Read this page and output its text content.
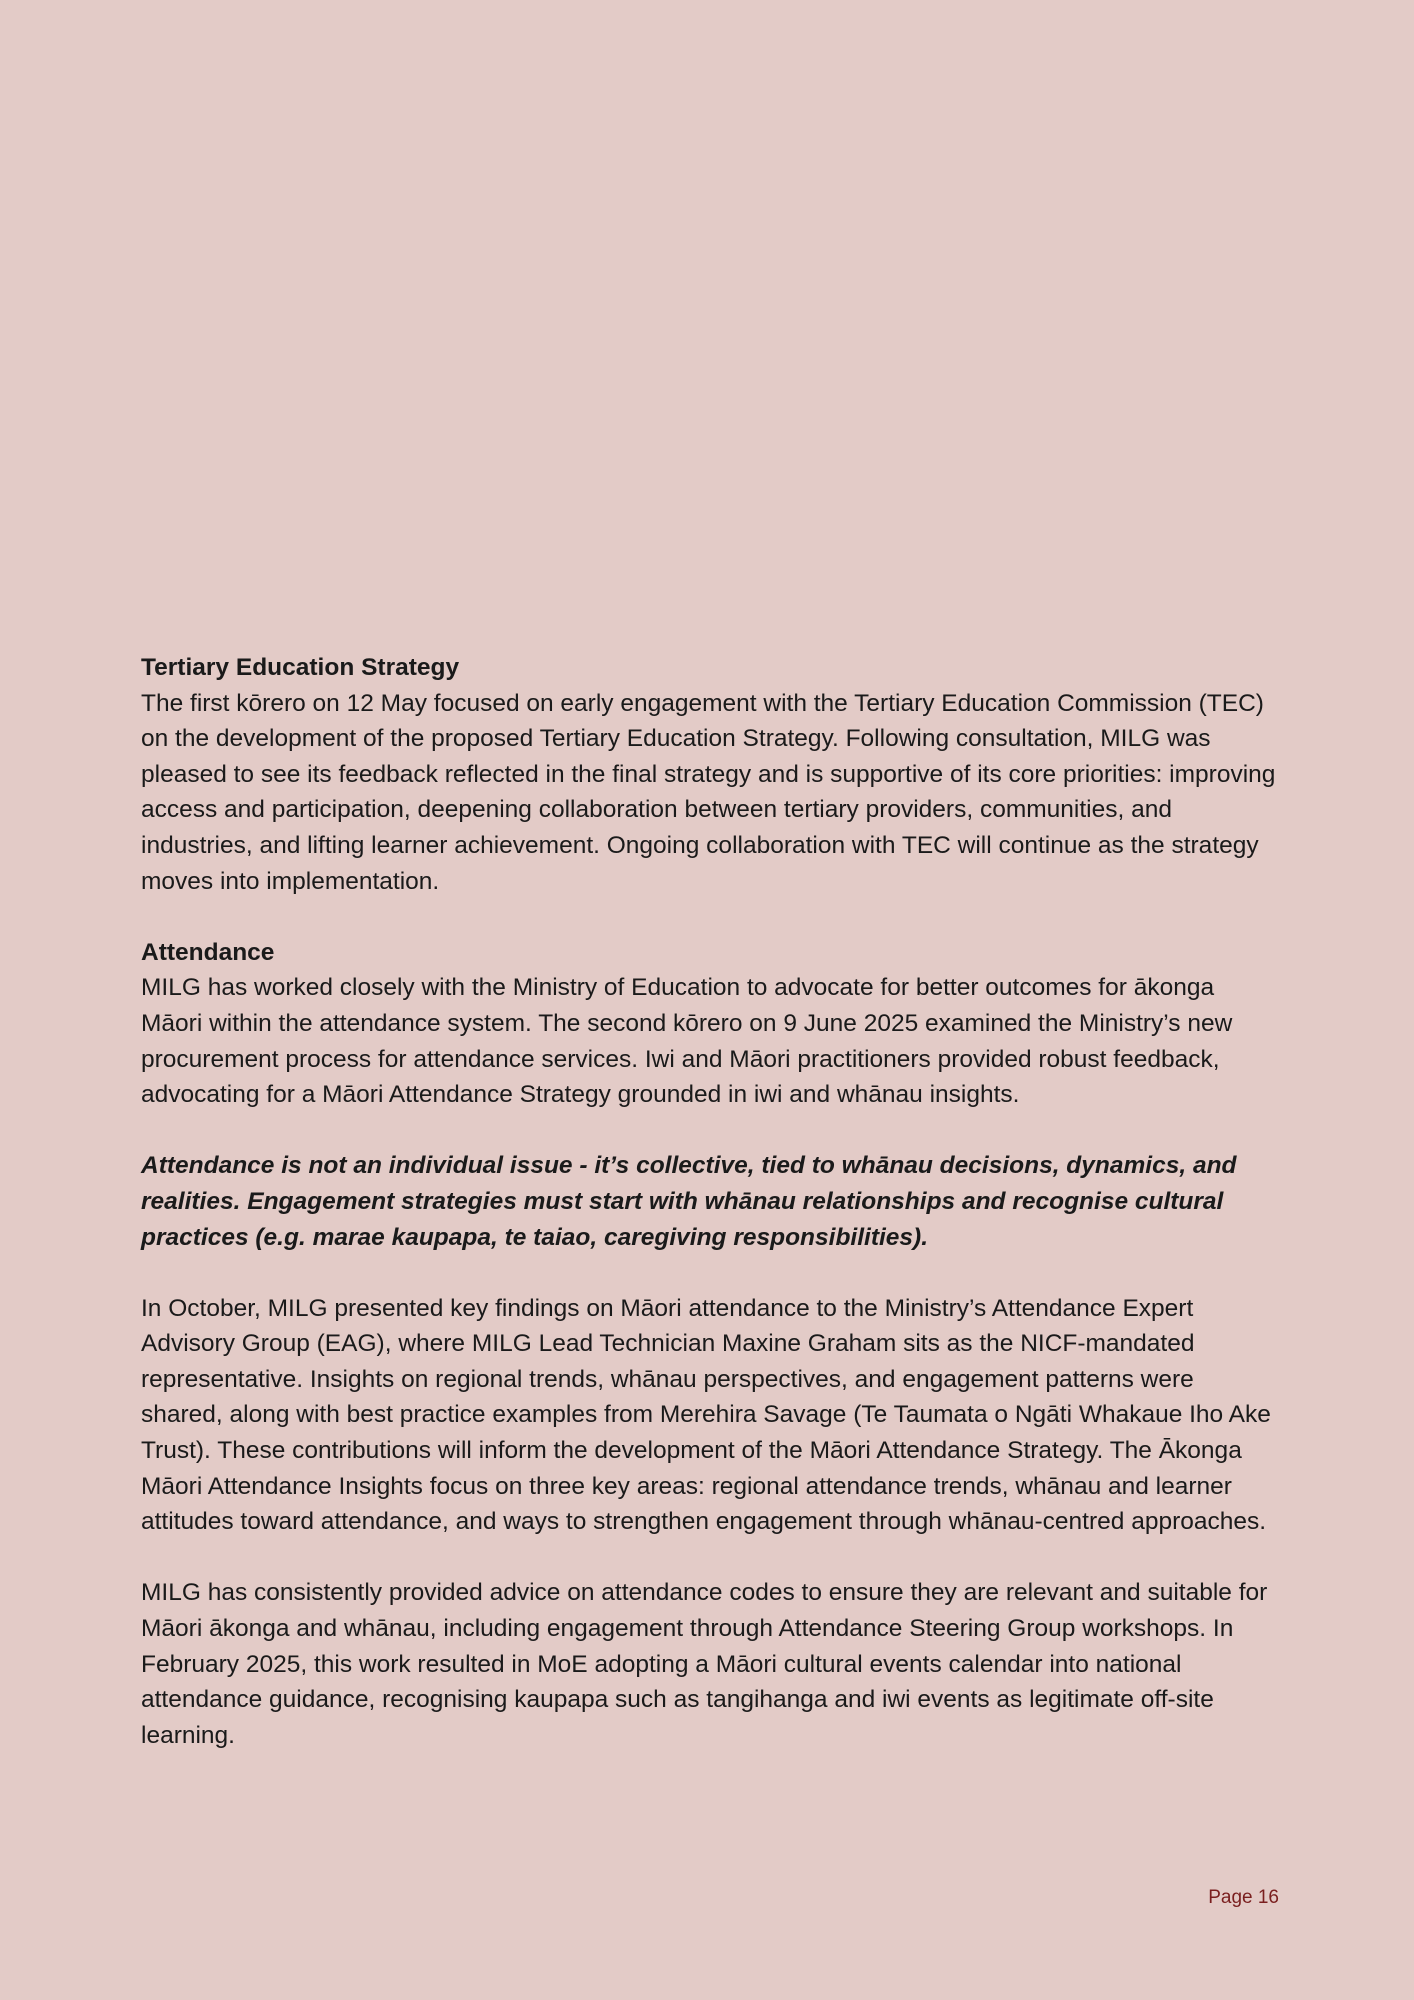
Tertiary Education Strategy

The first kōrero on 12 May focused on early engagement with the Tertiary Education Commission (TEC) on the development of the proposed Tertiary Education Strategy. Following consultation, MILG was pleased to see its feedback reflected in the final strategy and is supportive of its core priorities: improving access and participation, deepening collaboration between tertiary providers, communities, and industries, and lifting learner achievement. Ongoing collaboration with TEC will continue as the strategy moves into implementation.

Attendance

MILG has worked closely with the Ministry of Education to advocate for better outcomes for ākonga Māori within the attendance system. The second kōrero on 9 June 2025 examined the Ministry’s new procurement process for attendance services. Iwi and Māori practitioners provided robust feedback, advocating for a Māori Attendance Strategy grounded in iwi and whānau insights.

Attendance is not an individual issue - it’s collective, tied to whānau decisions, dynamics, and realities. Engagement strategies must start with whānau relationships and recognise cultural practices (e.g. marae kaupapa, te taiao, caregiving responsibilities).

In October, MILG presented key findings on Māori attendance to the Ministry’s Attendance Expert Advisory Group (EAG), where MILG Lead Technician Maxine Graham sits as the NICF-mandated representative. Insights on regional trends, whānau perspectives, and engagement patterns were shared, along with best practice examples from Merehira Savage (Te Taumata o Ngāti Whakaue Iho Ake Trust). These contributions will inform the development of the Māori Attendance Strategy. The Ākonga Māori Attendance Insights focus on three key areas: regional attendance trends, whānau and learner attitudes toward attendance, and ways to strengthen engagement through whānau-centred approaches.

MILG has consistently provided advice on attendance codes to ensure they are relevant and suitable for Māori ākonga and whānau, including engagement through Attendance Steering Group workshops. In February 2025, this work resulted in MoE adopting a Māori cultural events calendar into national attendance guidance, recognising kaupapa such as tangihanga and iwi events as legitimate off-site learning.

Page 16
